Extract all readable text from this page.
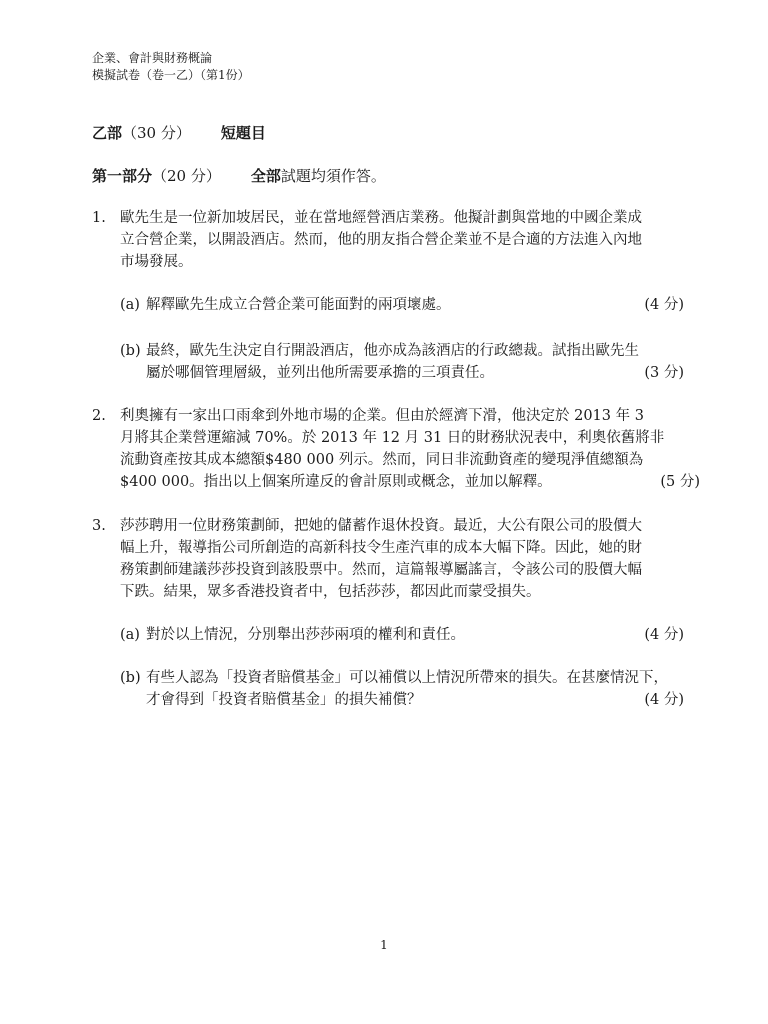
企業、會計與財務概論
模擬試卷（卷一乙）（第1份）
乙部（30 分） 短題目
第一部分（20 分） 全部試題均須作答。
1. 歐先生是一位新加坡居民，並在當地經營酒店業務。他擬計劃與當地的中國企業成
立合營企業，以開設酒店。然而，他的朋友指合營企業並不是合適的方法進入內地
市場發展。
(a) 解釋歐先生成立合營企業可能面對的兩項壞處。	(4 分)
(b) 最終，歐先生決定自行開設酒店，他亦成為該酒店的行政總裁。試指出歐先生
屬於哪個管理層級，並列出他所需要承擔的三項責任。	(3 分)
2. 利奧擁有一家出口雨傘到外地市場的企業。但由於經濟下滑，他決定於 2013 年 3
月將其企業營運縮減 70%。於 2013 年 12 月 31 日的財務狀況表中，利奧依舊將非
流動資產按其成本總額$480 000 列示。然而，同日非流動資產的變現淨值總額為
$400 000。指出以上個案所違反的會計原則或概念，並加以解釋。	(5 分)
3. 莎莎聘用一位財務策劃師，把她的儲蓄作退休投資。最近，大公有限公司的股價大
幅上升，報導指公司所創造的高新科技令生產汽車的成本大幅下降。因此，她的財
務策劃師建議莎莎投資到該股票中。然而，這篇報導屬謠言，令該公司的股價大幅
下跌。結果，眾多香港投資者中，包括莎莎，都因此而蒙受損失。
(a) 對於以上情況，分別舉出莎莎兩項的權利和責任。	(4 分)
(b) 有些人認為「投資者賠償基金」可以補償以上情況所帶來的損失。在甚麼情況下，
才會得到「投資者賠償基金」的損失補償？	(4 分)
1
